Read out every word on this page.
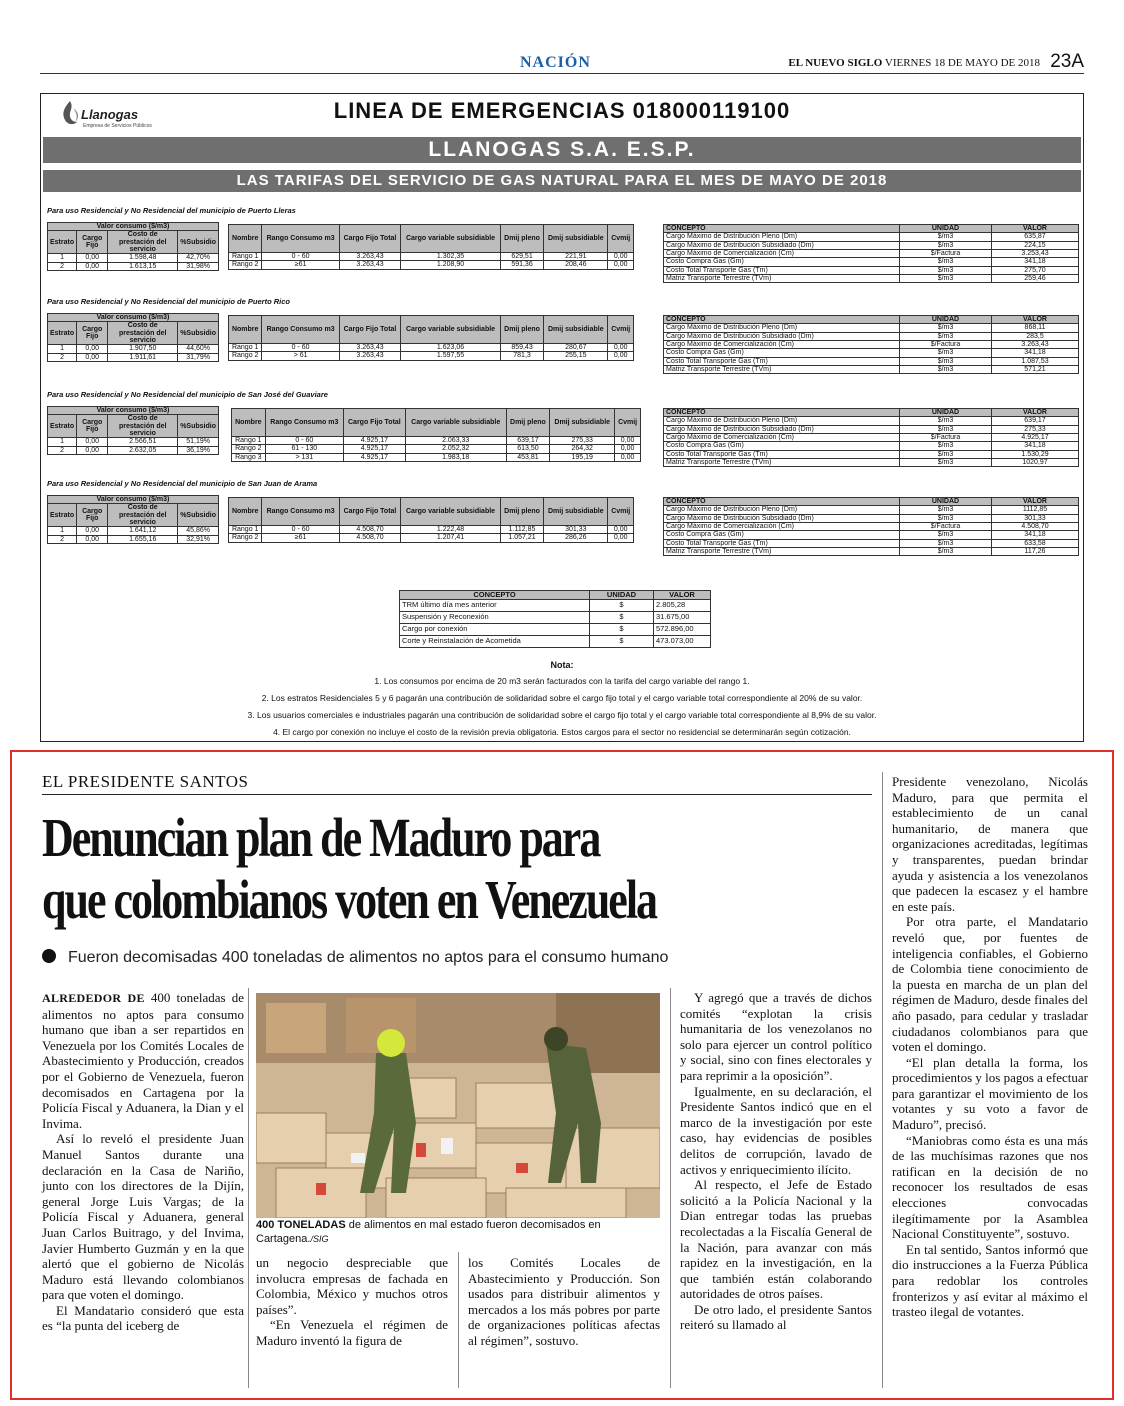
NACIÓN	EL NUEVO SIGLO VIERNES 18 DE MAYO DE 2018 23A
Llanogas
Empresa de Servicios Públicos
LINEA DE EMERGENCIAS 018000119100
LLANOGAS S.A. E.S.P.
LAS TARIFAS DEL SERVICIO DE GAS NATURAL PARA EL MES DE MAYO DE 2018
Para uso Residencial y No Residencial del municipio de Puerto Lleras
Valor consumo ($/m3)			
Estrato	Cargo Fijo	Costo de prestación del servicio	%Subsidio
1	0,00	1.598,48	42,70%
2	0,00	1.613,15	31,98%
Nombre	Rango Consumo m3	Cargo Fijo Total	Cargo variable subsidiable	Dmij pleno	Dmij subsidiable	Cvmij
Rango 1	0 - 60	3.263,43	1.302,35	629,51	221,91	0,00
Rango 2	≥61	3.263,43	1.208,90	591,36	208,46	0,00
CONCEPTO	UNIDAD	VALOR
Cargo Máximo de Distribución Pleno (Dm)	$/m3	635,87
Cargo Máximo de Distribución Subsidiado (Dm)	$/m3	224,15
Cargo Máximo de Comercialización (Cm)	$/Factura	3.253,43
Costo Compra Gas (Gm)	$/m3	341,18
Costo Total Transporte Gas (Tm)	$/m3	275,70
Matriz Transporte Terrestre (TVm)	$/m3	259,46
Para uso Residencial y No Residencial del municipio de Puerto Rico
Valor consumo ($/m3)			
Estrato	Cargo Fijo	Costo de prestación del servicio	%Subsidio
1	0,00	1.907,50	44,60%
2	0,00	1.911,61	31,79%
Nombre	Rango Consumo m3	Cargo Fijo Total	Cargo variable subsidiable	Dmij pleno	Dmij subsidiable	Cvmij
Rango 1	0 - 60	3.263,43	1.623,06	859,43	280,67	0,00
Rango 2	> 61	3.263,43	1.597,55	781,3	255,15	0,00
CONCEPTO	UNIDAD	VALOR
Cargo Máximo de Distribución Pleno (Dm)	$/m3	868,11
Cargo Máximo de Distribución Subsidiado (Dm)	$/m3	283,5
Cargo Máximo de Comercialización (Cm)	$/Factura	3.263,43
Costo Compra Gas (Gm)	$/m3	341,18
Costo Total Transporte Gas (Tm)	$/m3	1.087,53
Matriz Transporte Terrestre (TVm)	$/m3	571,21
Para uso Residencial y No Residencial del municipio de San José del Guaviare
Valor consumo ($/m3)			
Estrato	Cargo Fijo	Costo de prestación del servicio	%Subsidio
1	0,00	2.566,51	51,19%
2	0,00	2.632,05	36,19%
Nombre	Rango Consumo m3	Cargo Fijo Total	Cargo variable subsidiable	Dmij pleno	Dmij subsidiable	Cvmij
Rango 1	0 - 60	4.925,17	2.063,33	639,17	275,33	0,00
Rango 2	61 - 130	4.925,17	2.052,32	613,50	264,32	0,00
Rango 3	> 131	4.925,17	1.983,18	453,81	195,19	0,00
CONCEPTO	UNIDAD	VALOR
Cargo Máximo de Distribución Pleno (Dm)	$/m3	639,17
Cargo Máximo de Distribución Subsidiado (Dm)	$/m3	275,33
Cargo Máximo de Comercialización (Cm)	$/Factura	4.925,17
Costo Compra Gas (Gm)	$/m3	341,18
Costo Total Transporte Gas (Tm)	$/m3	1.530,29
Matriz Transporte Terrestre (TVm)	$/m3	1020,97
Para uso Residencial y No Residencial del municipio de San Juan de Arama
Valor consumo ($/m3)			
Estrato	Cargo Fijo	Costo de prestación del servicio	%Subsidio
1	0,00	1.641,12	45,86%
2	0,00	1.655,16	32,91%
Nombre	Rango Consumo m3	Cargo Fijo Total	Cargo variable subsidiable	Dmij pleno	Dmij subsidiable	Cvmij
Rango 1	0 - 60	4.508,70	1.222,48	1.112,85	301,33	0,00
Rango 2	≥61	4.508,70	1.207,41	1.057,21	286,26	0,00
CONCEPTO	UNIDAD	VALOR
Cargo Máximo de Distribución Pleno (Dm)	$/m3	1112,85
Cargo Máximo de Distribución Subsidiado (Dm)	$/m3	301,33
Cargo Máximo de Comercialización (Cm)	$/Factura	4.508,70
Costo Compra Gas (Gm)	$/m3	341,18
Costo Total Transporte Gas (Tm)	$/m3	633,58
Matriz Transporte Terrestre (TVm)	$/m3	117,26
CONCEPTO	UNIDAD	VALOR
TRM último día mes anterior	$	2.805,28
Suspensión y Reconexión	$	31.675,00
Cargo por conexión	$	572.896,00
Corte y Reinstalación de Acometida	$	473.073,00
Nota:

1. Los consumos por encima de 20 m3 serán facturados con la tarifa del cargo variable del rango 1.

2. Los estratos Residenciales 5 y 6 pagarán una contribución de solidaridad sobre el cargo fijo total y el cargo variable total correspondiente al 20% de su valor.

3. Los usuarios comerciales e industriales pagarán una contribución de solidaridad sobre el cargo fijo total y el cargo variable total correspondiente al 8,9% de su valor.

4. El cargo por conexión no incluye el costo de la revisión previa obligatoria. Estos cargos para el sector no residencial se determinarán según cotización.

EL PRESIDENTE SANTOS
Denuncian plan de Maduro para
que colombianos voten en Venezuela
Fueron decomisadas 400 toneladas de alimentos no aptos para el consumo humano

ALREDEDOR DE 400 toneladas de alimentos no aptos para consumo humano que iban a ser repartidos en Venezuela por los Comités Locales de Abastecimiento y Producción, creados por el Gobierno de Venezuela, fueron decomisados en Cartagena por la Policía Fiscal y Aduanera, la Dian y el Invima.

Así lo reveló el presidente Juan Manuel Santos durante una declaración en la Casa de Nariño, junto con los directores de la Dijín, general Jorge Luis Vargas; de la Policía Fiscal y Aduanera, general Juan Carlos Buitrago, y del Invima, Javier Humberto Guzmán y en la que alertó que el gobierno de Nicolás Maduro está llevando colombianos para que voten el domingo.

El Mandatario consideró que esta es “la punta del iceberg de

400 TONELADAS de alimentos en mal estado fueron decomisados en Cartagena./SIG

un negocio despreciable que involucra empresas de fachada en Colombia, México y muchos otros países”.

“En Venezuela el régimen de Maduro inventó la figura de

los Comités Locales de Abastecimiento y Producción. Son usados para distribuir alimentos y mercados a los más pobres por parte de organizaciones políticas afectas al régimen”, sostuvo.

Y agregó que a través de dichos comités “explotan la crisis humanitaria de los venezolanos no solo para ejercer un control político y social, sino con fines electorales y para reprimir a la oposición”.

Igualmente, en su declaración, el Presidente Santos indicó que en el marco de la investigación por este caso, hay evidencias de posibles delitos de corrupción, lavado de activos y enriquecimiento ilícito.

Al respecto, el Jefe de Estado solicitó a la Policía Nacional y la Dian entregar todas las pruebas recolectadas a la Fiscalía General de la Nación, para avanzar con más rapidez en la investigación, en la que también están colaborando autoridades de otros países.

De otro lado, el presidente Santos reiteró su llamado al

Presidente venezolano, Nicolás Maduro, para que permita el establecimiento de un canal humanitario, de manera que organizaciones acreditadas, legítimas y transparentes, puedan brindar ayuda y asistencia a los venezolanos que padecen la escasez y el hambre en este país.

Por otra parte, el Mandatario reveló que, por fuentes de inteligencia confiables, el Gobierno de Colombia tiene conocimiento de la puesta en marcha de un plan del régimen de Maduro, desde finales del año pasado, para cedular y trasladar ciudadanos colombianos para que voten el domingo.

“El plan detalla la forma, los procedimientos y los pagos a efectuar para garantizar el movimiento de los votantes y su voto a favor de Maduro”, precisó.

“Maniobras como ésta es una más de las muchísimas razones que nos ratifican en la decisión de no reconocer los resultados de esas elecciones convocadas ilegítimamente por la Asamblea Nacional Constituyente”, sostuvo.

En tal sentido, Santos informó que dio instrucciones a la Fuerza Pública para redoblar los controles fronterizos y así evitar al máximo el trasteo ilegal de votantes.
